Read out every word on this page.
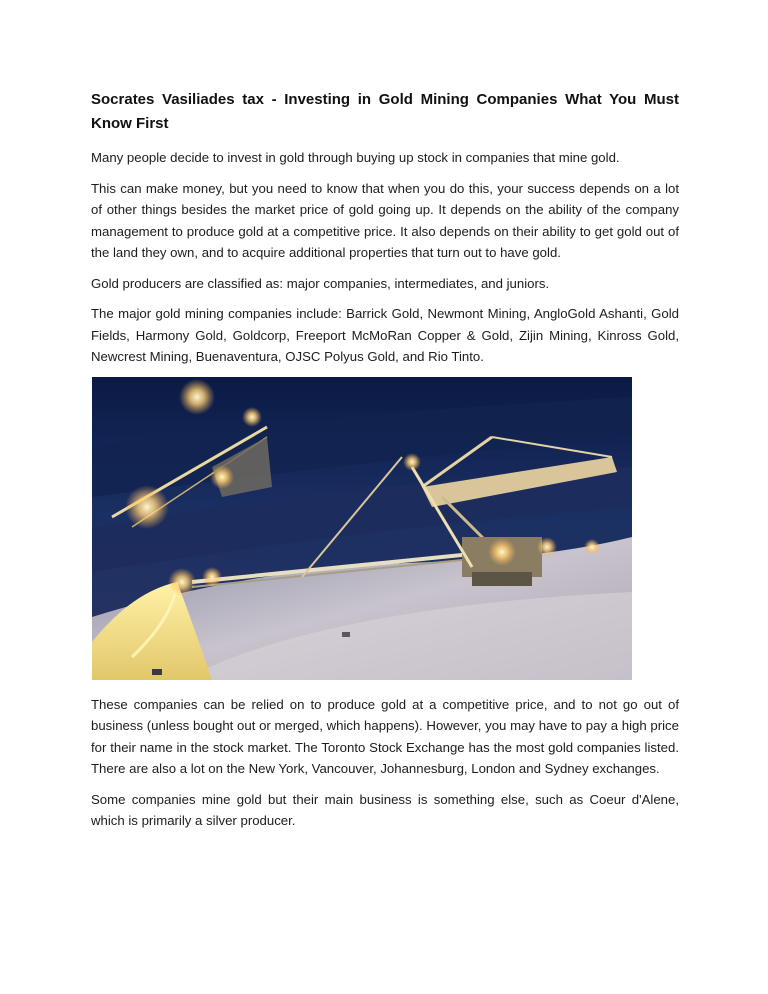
Socrates Vasiliades tax - Investing in Gold Mining Companies What You Must Know First

Many people decide to invest in gold through buying up stock in companies that mine gold.

This can make money, but you need to know that when you do this, your success depends on a lot of other things besides the market price of gold going up. It depends on the ability of the company management to produce gold at a competitive price. It also depends on their ability to get gold out of the land they own, and to acquire additional properties that turn out to have gold.

Gold producers are classified as: major companies, intermediates, and juniors.

The major gold mining companies include: Barrick Gold, Newmont Mining, AngloGold Ashanti, Gold Fields, Harmony Gold, Goldcorp, Freeport McMoRan Copper & Gold, Zijin Mining, Kinross Gold, Newcrest Mining, Buenaventura, OJSC Polyus Gold, and Rio Tinto.

These companies can be relied on to produce gold at a competitive price, and to not go out of business (unless bought out or merged, which happens). However, you may have to pay a high price for their name in the stock market. The Toronto Stock Exchange has the most gold companies listed. There are also a lot on the New York, Vancouver, Johannesburg, London and Sydney exchanges.

Some companies mine gold but their main business is something else, such as Coeur d'Alene, which is primarily a silver producer.
